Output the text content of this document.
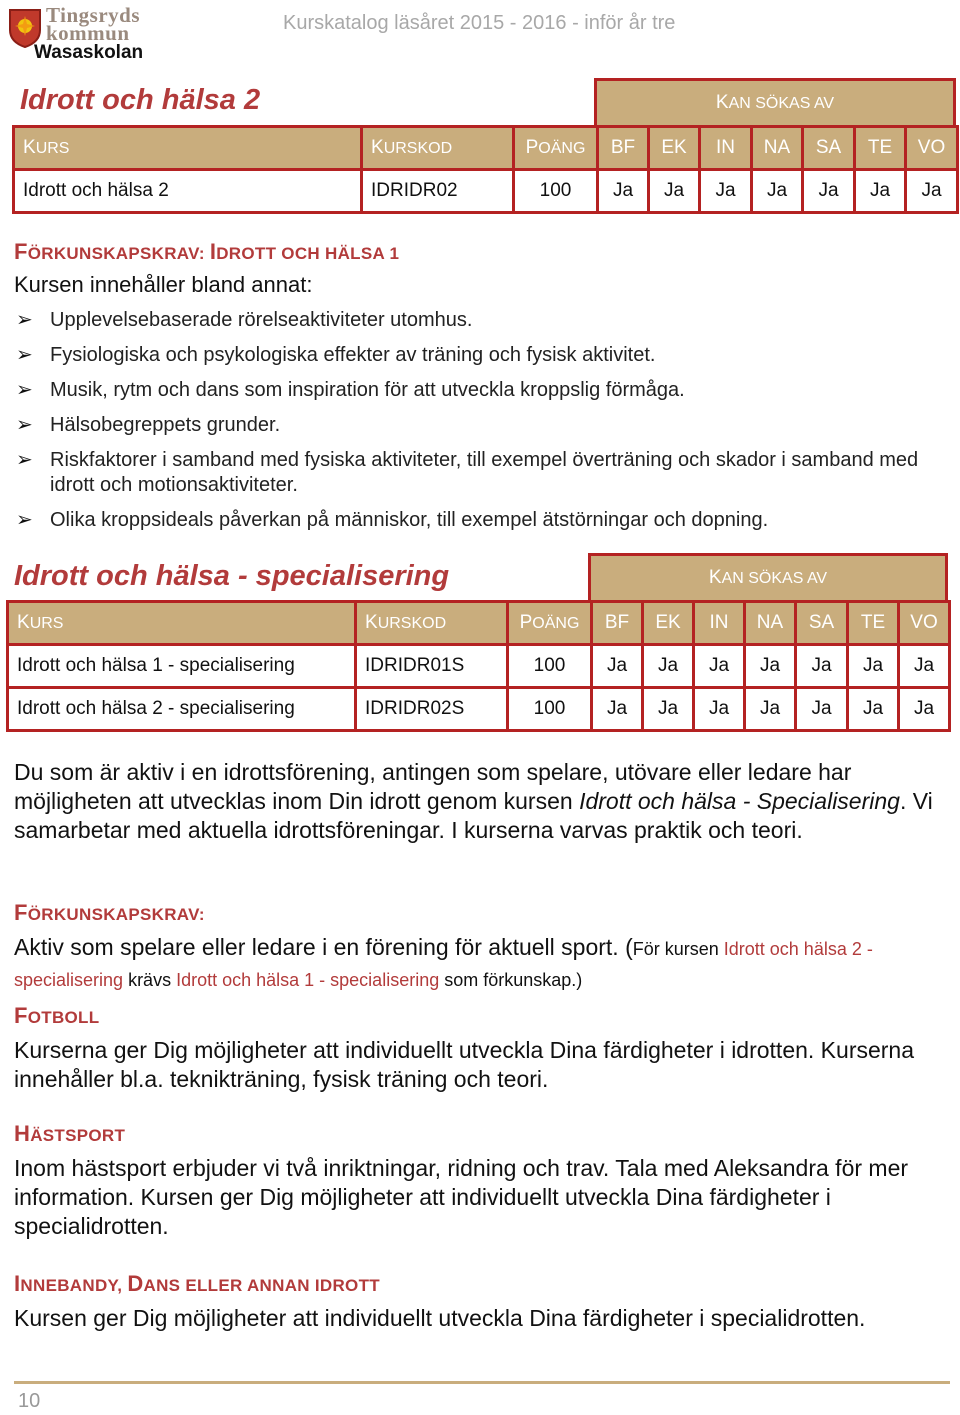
Tingsryds
kommun
Wasaskolan
Kurskatalog läsåret 2015 - 2016 - inför år tre
Idrott och hälsa 2	KAN SÖKAS AV
KURS	KURSKOD	POÄNG	BF	EK	IN	NA	SA	TE	VO
Idrott och hälsa 2	IDRIDR02	100	Ja	Ja	Ja	Ja	Ja	Ja	Ja
FÖRKUNSKAPSKRAV: IDROTT OCH HÄLSA 1
Kursen innehåller bland annat:
➢ Upplevelsebaserade rörelseaktiviteter utomhus.
➢ Fysiologiska och psykologiska effekter av träning och fysisk aktivitet.
➢ Musik, rytm och dans som inspiration för att utveckla kroppslig förmåga.
➢ Hälsobegreppets grunder.
➢ Riskfaktorer i samband med fysiska aktiviteter, till exempel överträning och skador i samband med idrott och motionsaktiviteter.
➢ Olika kroppsideals påverkan på människor, till exempel ätstörningar och dopning.
Idrott och hälsa - specialisering	KAN SÖKAS AV
KURS	KURSKOD	POÄNG	BF	EK	IN	NA	SA	TE	VO
Idrott och hälsa 1 - specialisering	IDRIDR01S	100	Ja	Ja	Ja	Ja	Ja	Ja	Ja
Idrott och hälsa 2 - specialisering	IDRIDR02S	100	Ja	Ja	Ja	Ja	Ja	Ja	Ja
Du som är aktiv i en idrottsförening, antingen som spelare, utövare eller ledare har möjligheten att utvecklas inom Din idrott genom kursen Idrott och hälsa - Specialisering. Vi samarbetar med aktuella idrottsföreningar. I kurserna varvas praktik och teori.
FÖRKUNSKAPSKRAV:
Aktiv som spelare eller ledare i en förening för aktuell sport. (För kursen Idrott och hälsa 2 - specialisering krävs Idrott och hälsa 1 - specialisering som förkunskap.)
FOTBOLL
Kurserna ger Dig möjligheter att individuellt utveckla Dina färdigheter i idrotten. Kurserna innehåller bl.a. teknikträning, fysisk träning och teori.
HÄSTSPORT
Inom hästsport erbjuder vi två inriktningar, ridning och trav. Tala med Aleksandra för mer information. Kursen ger Dig möjligheter att individuellt utveckla Dina färdigheter i specialidrotten.
INNEBANDY, DANS ELLER ANNAN IDROTT
Kursen ger Dig möjligheter att individuellt utveckla Dina färdigheter i specialidrotten.
10
